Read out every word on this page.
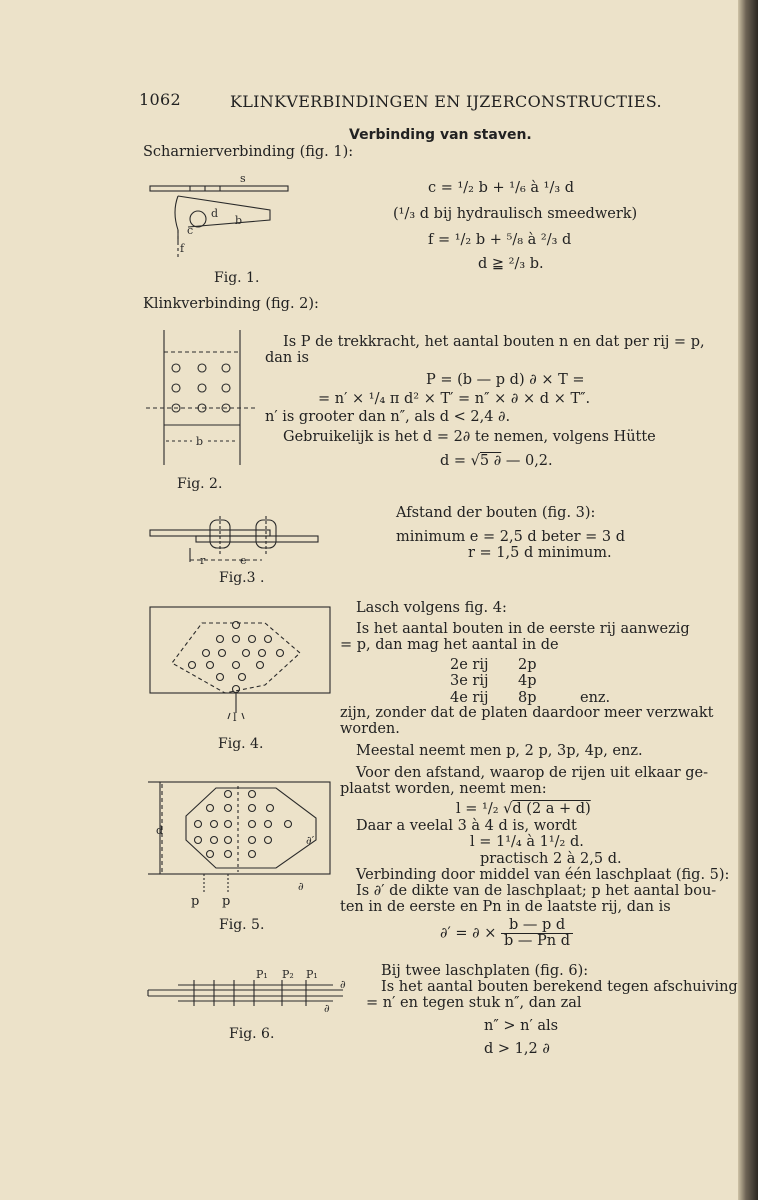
1062	KLINKVERBINDINGEN EN IJZERCONSTRUCTIES.
Verbinding van staven.
Scharnierverbinding (fig. 1):
s
d
b
c
f
Fig. 1.
c = ¹/₂ b + ¹/₆ à ¹/₃ d
(¹/₃ d bij hydraulisch smeedwerk)
f = ¹/₂ b + ⁵/₈ à ²/₃ d
d ≧ ²/₃ b.
Klinkverbinding (fig. 2):
b
Fig. 2.
Is P de trekkracht, het aantal bouten n en dat per rij = p,
dan is
P = (b — p d) ∂ × T =
= n′ × ¹/₄ π d² × T′ = n″ × ∂ × d × T″.
n′ is grooter dan n″, als d < 2,4 ∂.
Gebruikelijk is het d = 2∂ te nemen, volgens Hütte
d = √5 ∂ — 0,2.
Afstand der bouten (fig. 3):
minimum e = 2,5 d beter = 3 d
r = 1,5 d minimum.
r	e
Fig.3 .
l
Fig. 4.
Lasch volgens fig. 4:
Is het aantal bouten in de eerste rij aanwezig
= p, dan mag het aantal in de
2e rij 2p
3e rij 4p
4e rij 8p	enz.
zijn, zonder dat de platen daardoor meer verzwakt
worden.
Meestal neemt men p, 2 p, 3p, 4p, enz.
Voor den afstand, waarop de rijen uit elkaar ge-
plaatst worden, neemt men:
l = ¹/₂ √d (2 a + d)
Daar a veelal 3 à 4 d is, wordt
l = 1¹/₄ à 1¹/₂ d.
practisch 2 à 2,5 d.
d
∂′
∂
p p
Fig. 5.
Verbinding door middel van één laschplaat (fig. 5):
Is ∂′ de dikte van de laschplaat; p het aantal bou-
ten in de eerste en Pn in de laatste rij, dan is
∂′ = ∂ × $\frac{\text{b — p d}}{\text{b — Pn d}}$
Bij twee laschplaten (fig. 6):
Is het aantal bouten berekend tegen afschuiving
= n′ en tegen stuk n″, dan zal
P₁ P₂ P₁
∂
∂
Fig. 6.	n″ > n′ als
d > 1,2 ∂
